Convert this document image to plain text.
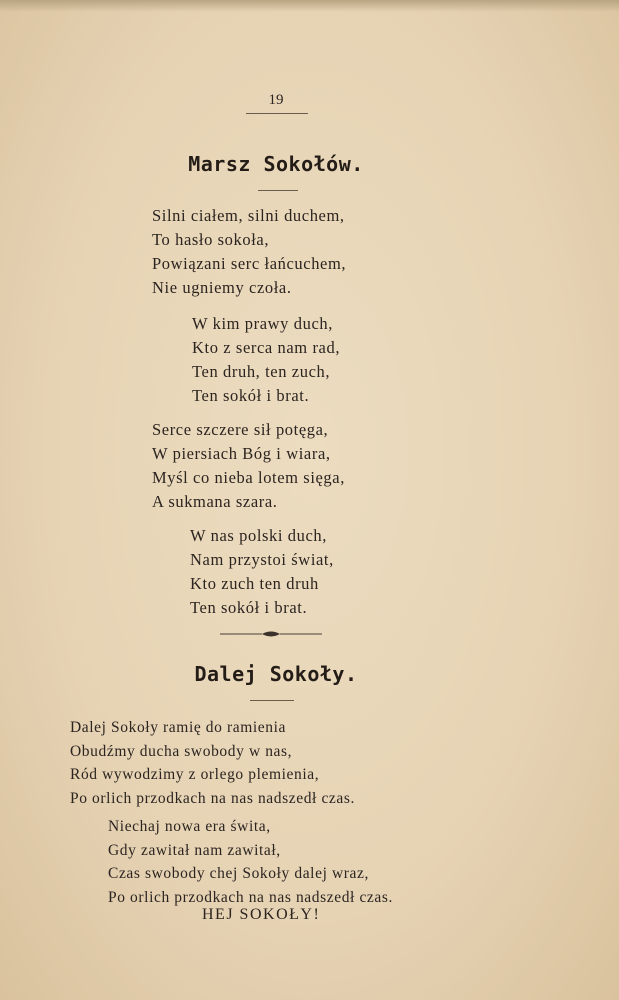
19
Marsz Sokołów.
Silni ciałem, silni duchem,
To hasło sokoła,
Powiązani serc łańcuchem,
Nie ugniemy czoła.
W kim prawy duch,
Kto z serca nam rad,
Ten druh, ten zuch,
Ten sokół i brat.
Serce szczere sił potęga,
W piersiach Bóg i wiara,
Myśl co nieba lotem sięga,
A sukmana szara.
W nas polski duch,
Nam przystoi świat,
Kto zuch ten druh
Ten sokół i brat.
Dalej Sokoły.
Dalej Sokoły ramię do ramienia
Obudźmy ducha swobody w nas,
Ród wywodzimy z orlego plemienia,
Po orlich przodkach na nas nadszedł czas.
Niechaj nowa era świta,
Gdy zawitał nam zawitał,
Czas swobody chej Sokoły dalej wraz,
Po orlich przodkach na nas nadszedł czas.
HEJ SOKOŁY!
